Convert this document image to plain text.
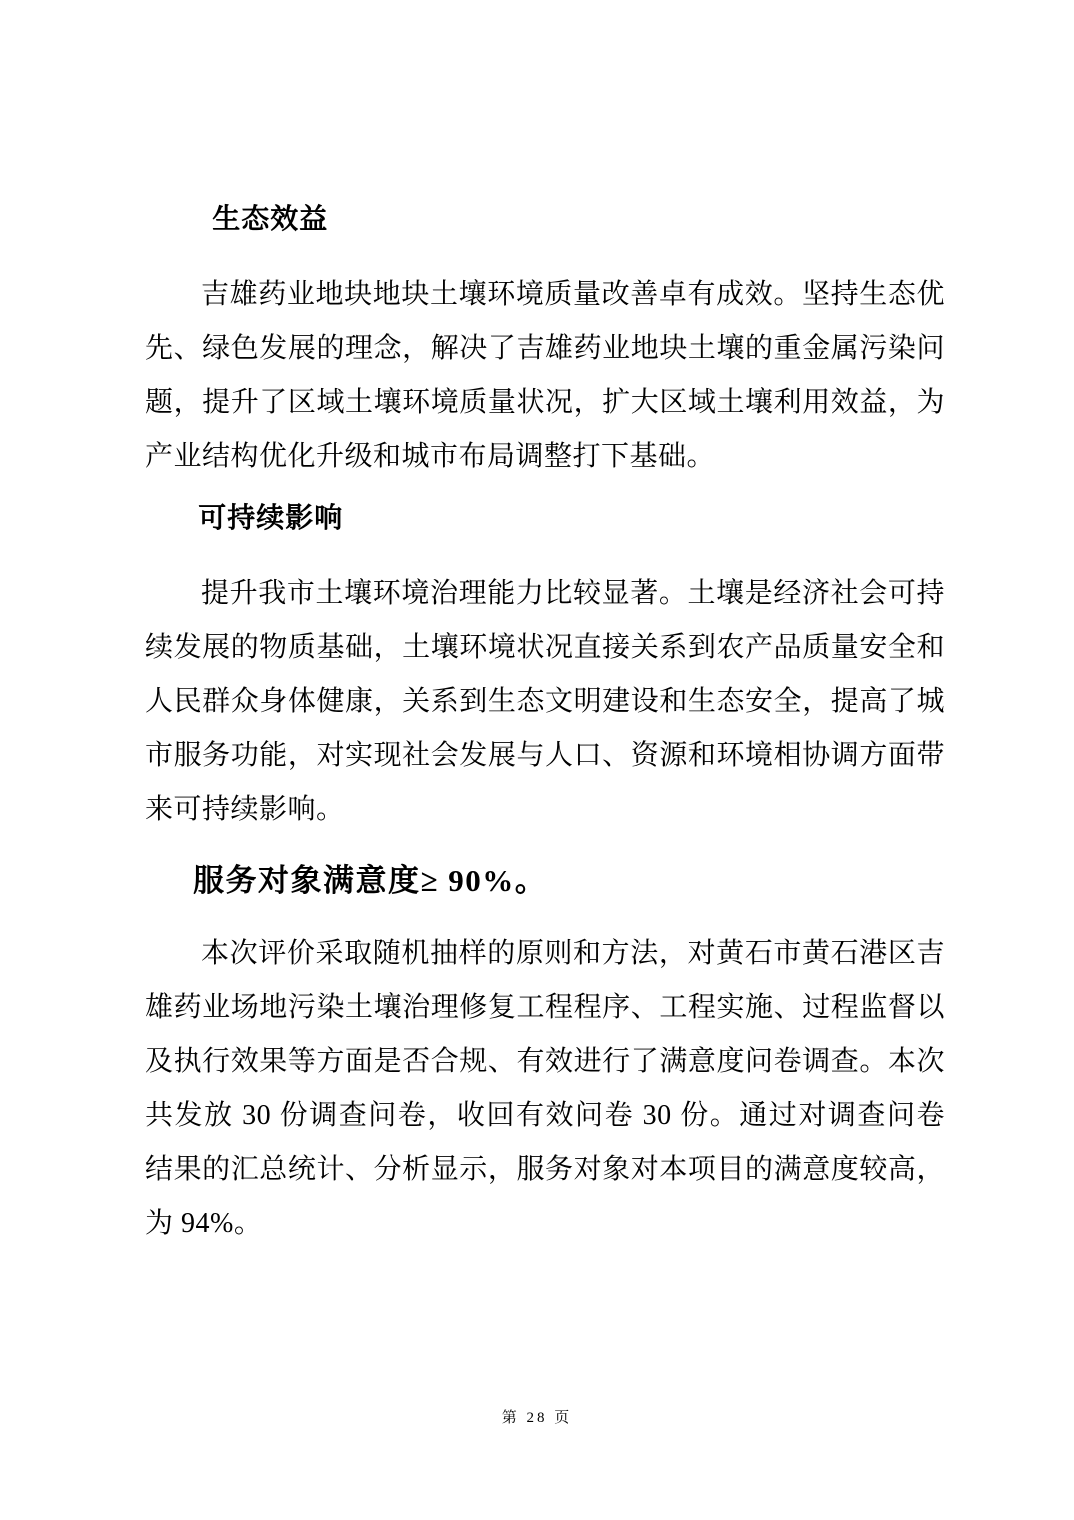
生态效益

吉雄药业地块地块土壤环境质量改善卓有成效。坚持生态优先、绿色发展的理念，解决了吉雄药业地块土壤的重金属污染问题，提升了区域土壤环境质量状况，扩大区域土壤利用效益，为产业结构优化升级和城市布局调整打下基础。

可持续影响

提升我市土壤环境治理能力比较显著。土壤是经济社会可持续发展的物质基础，土壤环境状况直接关系到农产品质量安全和人民群众身体健康，关系到生态文明建设和生态安全，提高了城市服务功能，对实现社会发展与人口、资源和环境相协调方面带来可持续影响。

服务对象满意度≥ 90%。

本次评价采取随机抽样的原则和方法，对黄石市黄石港区吉雄药业场地污染土壤治理修复工程程序、工程实施、过程监督以及执行效果等方面是否合规、有效进行了满意度问卷调查。本次共发放 30 份调查问卷，收回有效问卷 30 份。通过对调查问卷结果的汇总统计、分析显示，服务对象对本项目的满意度较高，为 94%。

第 28 页
